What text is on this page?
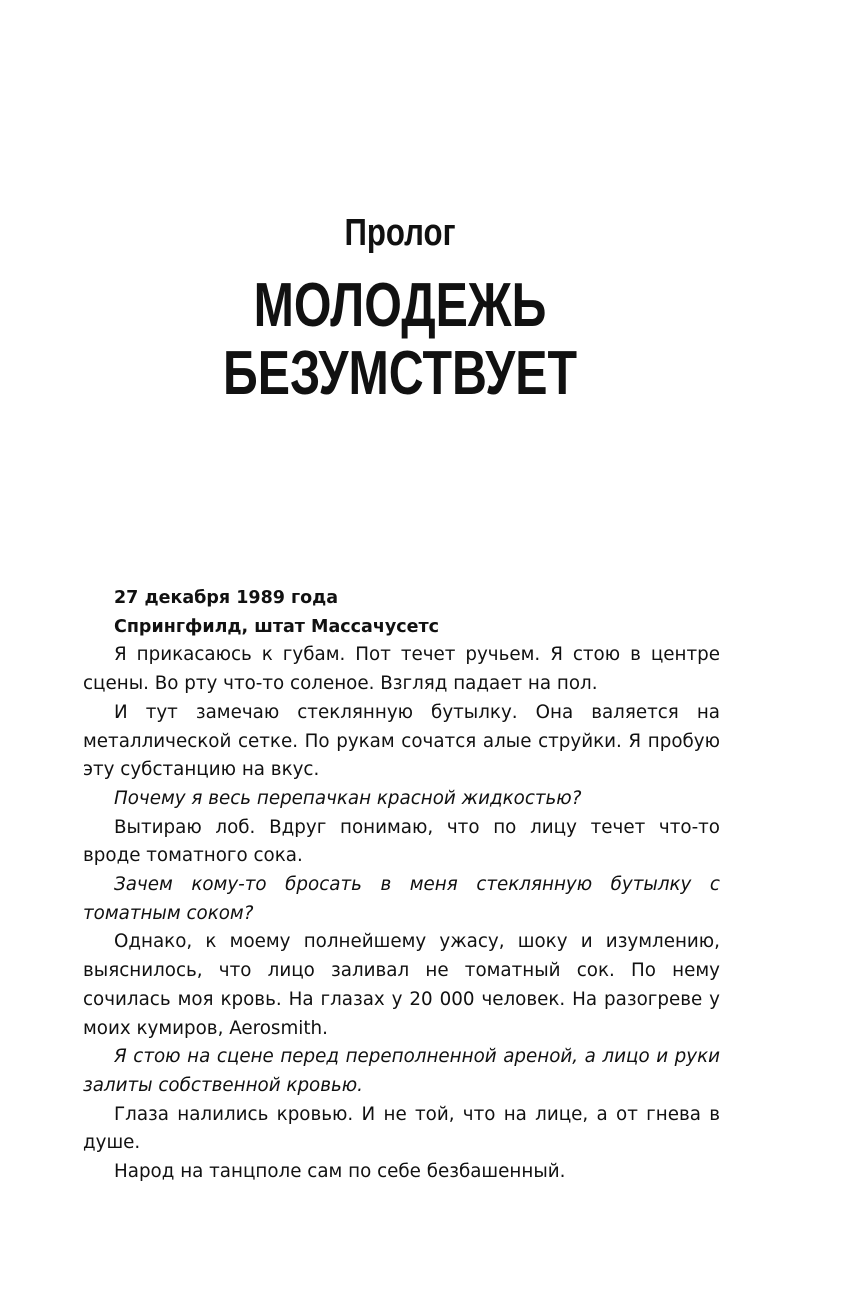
Пролог
МОЛОДЕЖЬ
БЕЗУМСТВУЕТ

27 декабря 1989 года

Спрингфилд, штат Массачусетс

Я прикасаюсь к губам. Пот течет ручьем. Я стою в центре сцены. Во рту что-то соленое. Взгляд падает на пол.

И тут замечаю стеклянную бутылку. Она валяется на металлической сетке. По рукам сочатся алые струйки. Я пробую эту субстанцию на вкус.

Почему я весь перепачкан красной жидкостью?

Вытираю лоб. Вдруг понимаю, что по лицу течет что-то вроде томатного сока.

Зачем кому-то бросать в меня стеклянную бутылку с томатным соком?

Однако, к моему полнейшему ужасу, шоку и изумлению, выяснилось, что лицо заливал не томатный сок. По нему сочилась моя кровь. На глазах у 20 000 человек. На разогреве у моих кумиров, Aerosmith.

Я стою на сцене перед переполненной ареной, а лицо и руки залиты собственной кровью.

Глаза налились кровью. И не той, что на лице, а от гнева в душе.

Народ на танцполе сам по себе безбашенный.
